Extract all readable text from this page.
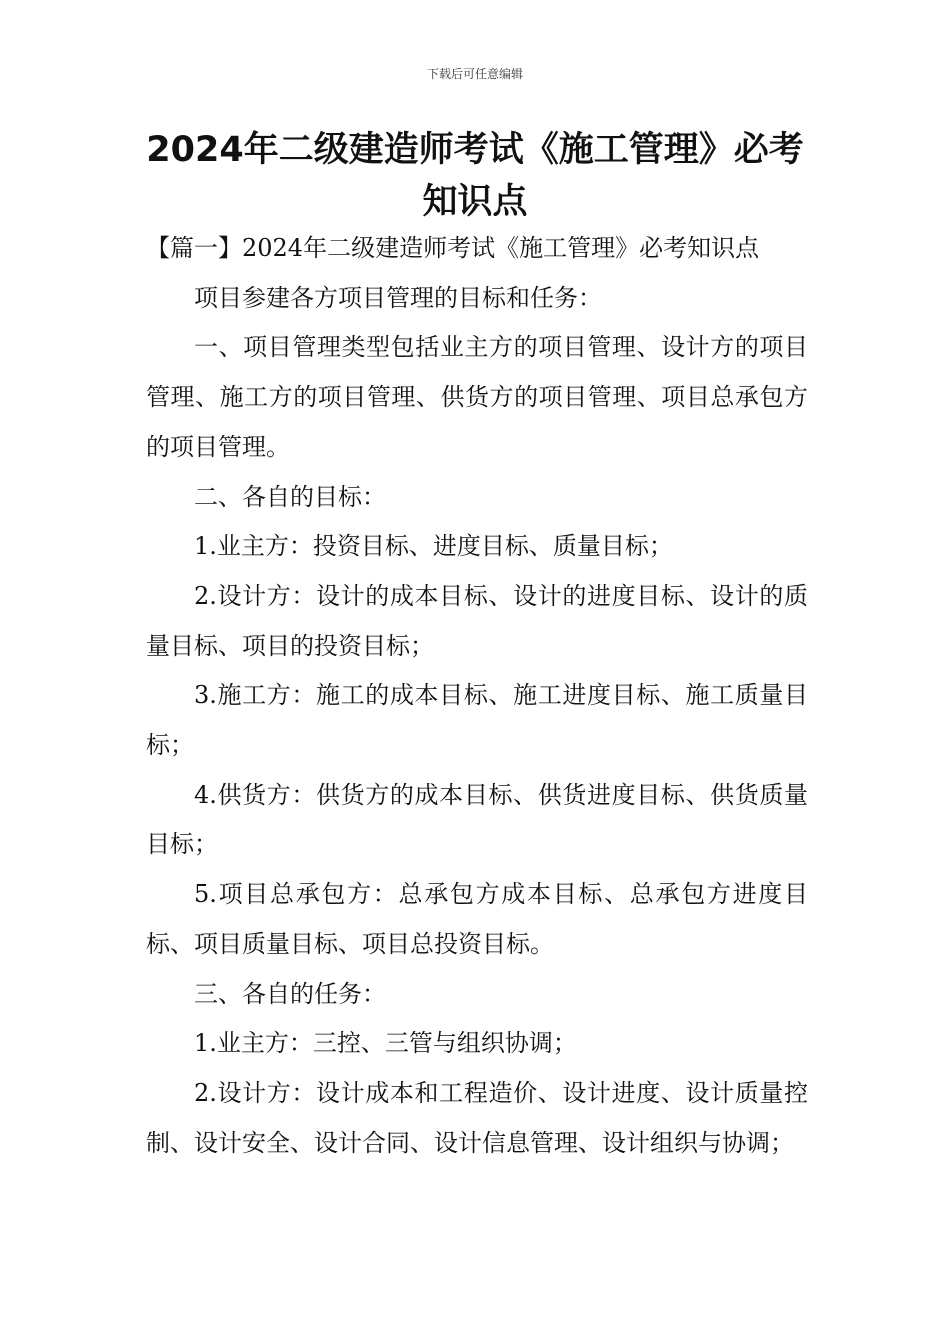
下载后可任意编辑
2024年二级建造师考试《施工管理》必考知识点

【篇一】2024年二级建造师考试《施工管理》必考知识点

项目参建各方项目管理的目标和任务：

一、项目管理类型包括业主方的项目管理、设计方的项目管理、施工方的项目管理、供货方的项目管理、项目总承包方的项目管理。

二、各自的目标：

1.业主方：投资目标、进度目标、质量目标；

2.设计方：设计的成本目标、设计的进度目标、设计的质量目标、项目的投资目标；

3.施工方：施工的成本目标、施工进度目标、施工质量目标；

4.供货方：供货方的成本目标、供货进度目标、供货质量目标；

5.项目总承包方：总承包方成本目标、总承包方进度目标、项目质量目标、项目总投资目标。

三、各自的任务：

1.业主方：三控、三管与组织协调；

2.设计方：设计成本和工程造价、设计进度、设计质量控制、设计安全、设计合同、设计信息管理、设计组织与协调；
